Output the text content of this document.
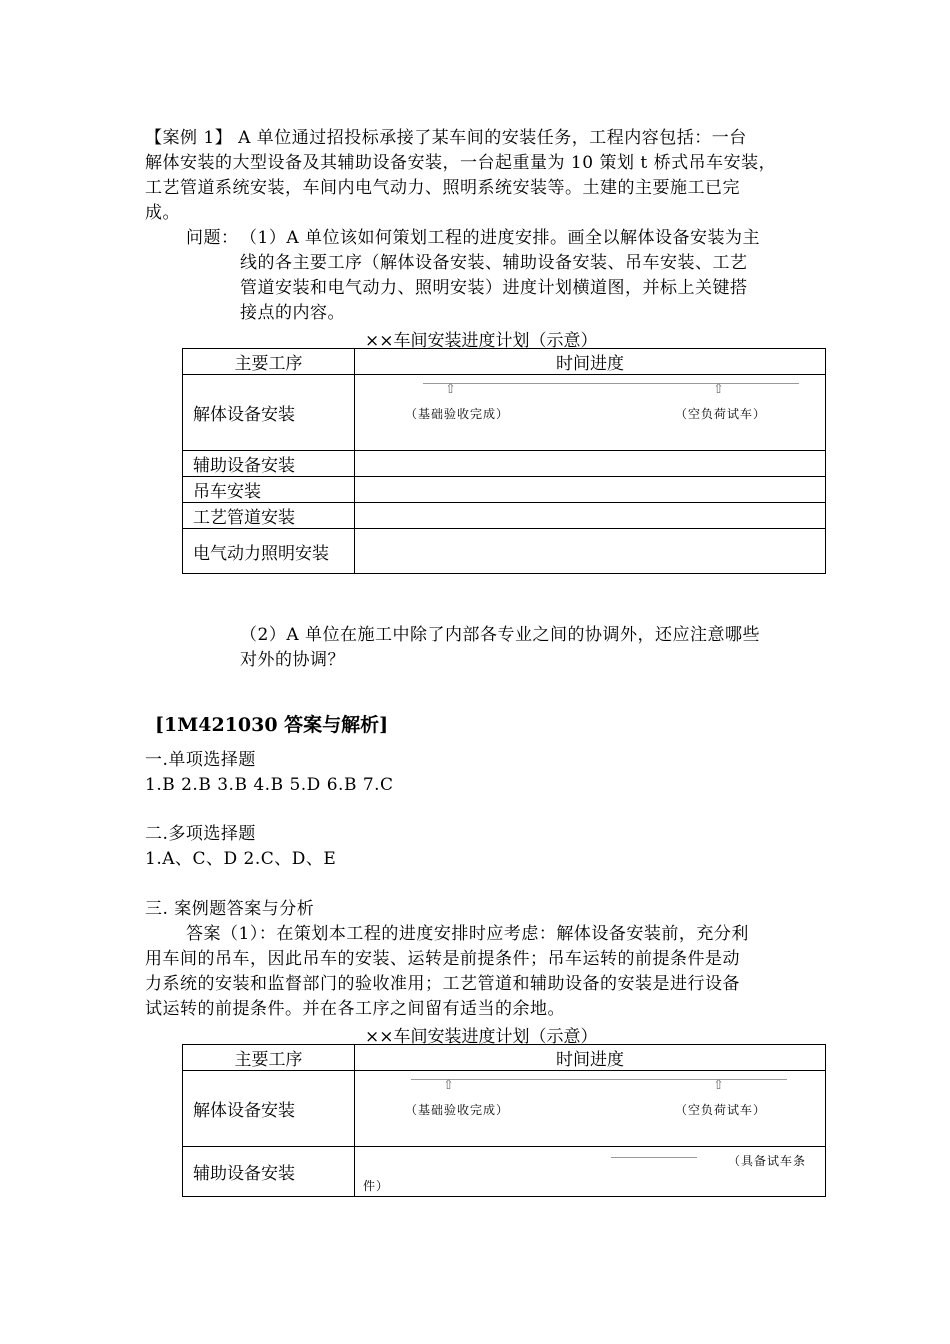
【案例 1】 A 单位通过招投标承接了某车间的安装任务，工程内容包括：一台
解体安装的大型设备及其辅助设备安装，一台起重量为 10 策划 t 桥式吊车安装，
工艺管道系统安装，车间内电气动力、照明系统安装等。土建的主要施工已完
成。
问题： （1）A 单位该如何策划工程的进度安排。画全以解体设备安装为主
线的各主要工序（解体设备安装、辅助设备安装、吊车安装、工艺
管道安装和电气动力、照明安装）进度计划横道图，并标上关键搭
接点的内容。
××车间安装进度计划（示意）
主要工序	时间进度
解体设备安装	⇧ ⇧
（基础验收完成） （空负荷试车）

辅助设备安装	
吊车安装	
工艺管道安装	
电气动力照明安装	
（2）A 单位在施工中除了内部各专业之间的协调外，还应注意哪些
对外的协调？
[1M421030 答案与解析]
一.单项选择题
1.B 2.B 3.B 4.B 5.D 6.B 7.C
二.多项选择题
1.A、C、D 2.C、D、E
三. 案例题答案与分析
答案（1）：在策划本工程的进度安排时应考虑：解体设备安装前，充分利
用车间的吊车，因此吊车的安装、运转是前提条件；吊车运转的前提条件是动
力系统的安装和监督部门的验收准用；工艺管道和辅助设备的安装是进行设备
试运转的前提条件。并在各工序之间留有适当的余地。
××车间安装进度计划（示意）
主要工序	时间进度
解体设备安装	⇧ ⇧
（基础验收完成） （空负荷试车）

辅助设备安装	（具备试车条
件）
